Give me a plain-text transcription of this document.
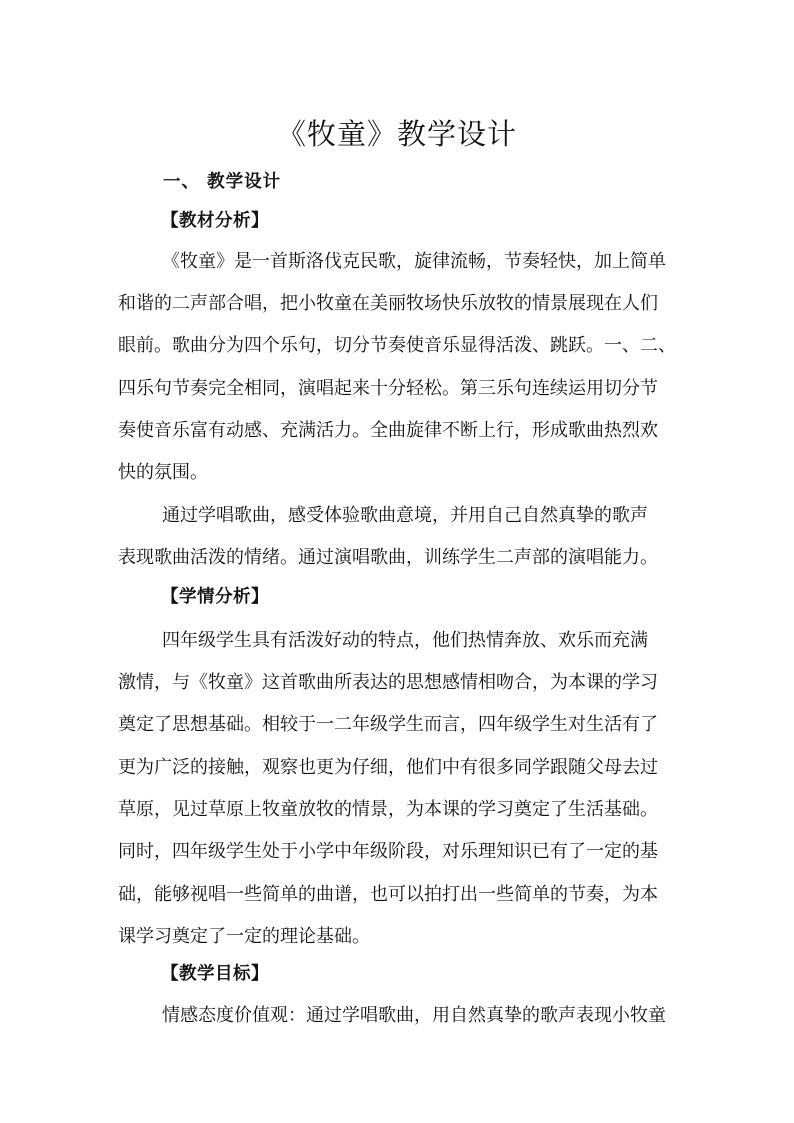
《牧童》教学设计
一、 教学设计
【教材分析】
《牧童》是一首斯洛伐克民歌，旋律流畅，节奏轻快，加上简单
和谐的二声部合唱，把小牧童在美丽牧场快乐放牧的情景展现在人们
眼前。歌曲分为四个乐句，切分节奏使音乐显得活泼、跳跃。一、二、
四乐句节奏完全相同，演唱起来十分轻松。第三乐句连续运用切分节
奏使音乐富有动感、充满活力。全曲旋律不断上行，形成歌曲热烈欢
快的氛围。
通过学唱歌曲，感受体验歌曲意境，并用自己自然真挚的歌声
表现歌曲活泼的情绪。通过演唱歌曲，训练学生二声部的演唱能力。
【学情分析】
四年级学生具有活泼好动的特点，他们热情奔放、欢乐而充满
激情，与《牧童》这首歌曲所表达的思想感情相吻合，为本课的学习
奠定了思想基础。相较于一二年级学生而言，四年级学生对生活有了
更为广泛的接触，观察也更为仔细，他们中有很多同学跟随父母去过
草原，见过草原上牧童放牧的情景，为本课的学习奠定了生活基础。
同时，四年级学生处于小学中年级阶段，对乐理知识已有了一定的基
础，能够视唱一些简单的曲谱，也可以拍打出一些简单的节奏，为本
课学习奠定了一定的理论基础。
【教学目标】
情感态度价值观：通过学唱歌曲，用自然真挚的歌声表现小牧童
